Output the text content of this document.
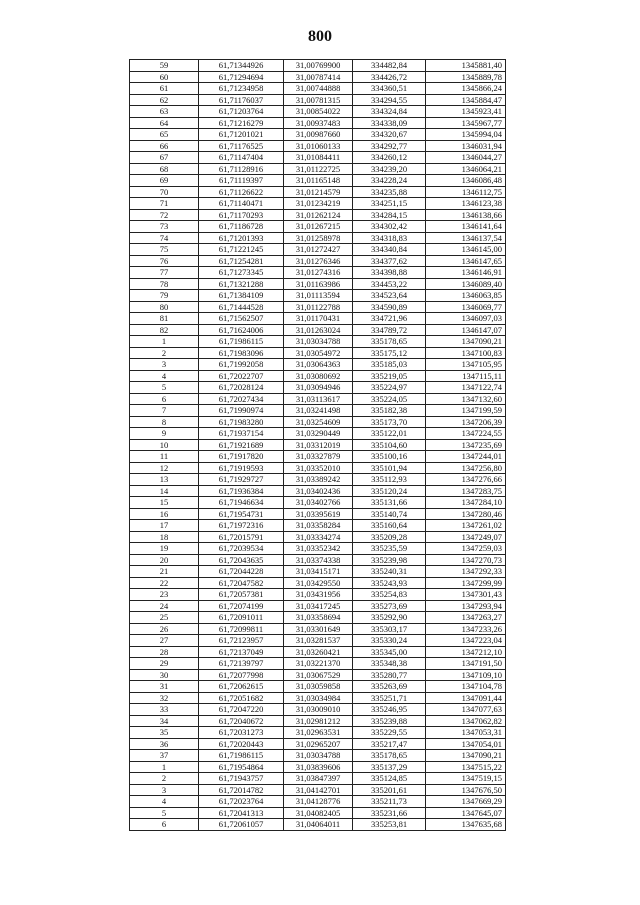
800
59	61,71344926	31,00769900	334482,84	1345881,40
60	61,71294694	31,00787414	334426,72	1345889,78
61	61,71234958	31,00744888	334360,51	1345866,24
62	61,71176037	31,00781315	334294,55	1345884,47
63	61,71203764	31,00854022	334324,84	1345923,41
64	61,71216279	31,00937483	334338,09	1345967,77
65	61,71201021	31,00987660	334320,67	1345994,04
66	61,71176525	31,01060133	334292,77	1346031,94
67	61,71147404	31,01084411	334260,12	1346044,27
68	61,71128916	31,01122725	334239,20	1346064,21
69	61,71119397	31,01165148	334228,24	1346086,48
70	61,71126622	31,01214579	334235,88	1346112,75
71	61,71140471	31,01234219	334251,15	1346123,38
72	61,71170293	31,01262124	334284,15	1346138,66
73	61,71186728	31,01267215	334302,42	1346141,64
74	61,71201393	31,01258978	334318,83	1346137,54
75	61,71221245	31,01272427	334340,84	1346145,00
76	61,71254281	31,01276346	334377,62	1346147,65
77	61,71273345	31,01274316	334398,88	1346146,91
78	61,71321288	31,01163986	334453,22	1346089,40
79	61,71384109	31,01113594	334523,64	1346063,85
80	61,71444528	31,01122788	334590,89	1346069,77
81	61,71562507	31,01170431	334721,96	1346097,03
82	61,71624006	31,01263024	334789,72	1346147,07
1	61,71986115	31,03034788	335178,65	1347090,21
2	61,71983096	31,03054972	335175,12	1347100,83
3	61,71992058	31,03064363	335185,03	1347105,95
4	61,72022707	31,03080692	335219,05	1347115,11
5	61,72028124	31,03094946	335224,97	1347122,74
6	61,72027434	31,03113617	335224,05	1347132,60
7	61,71990974	31,03241498	335182,38	1347199,59
8	61,71983280	31,03254609	335173,70	1347206,39
9	61,71937154	31,03290449	335122,01	1347224,55
10	61,71921689	31,03312019	335104,60	1347235,69
11	61,71917820	31,03327879	335100,16	1347244,01
12	61,71919593	31,03352010	335101,94	1347256,80
13	61,71929727	31,03389242	335112,93	1347276,66
14	61,71936384	31,03402436	335120,24	1347283,75
15	61,71946634	31,03402766	335131,66	1347284,10
16	61,71954731	31,03395619	335140,74	1347280,46
17	61,71972316	31,03358284	335160,64	1347261,02
18	61,72015791	31,03334274	335209,28	1347249,07
19	61,72039534	31,03352342	335235,59	1347259,03
20	61,72043635	31,03374338	335239,98	1347270,73
21	61,72044228	31,03415171	335240,31	1347292,33
22	61,72047582	31,03429550	335243,93	1347299,99
23	61,72057381	31,03431956	335254,83	1347301,43
24	61,72074199	31,03417245	335273,69	1347293,94
25	61,72091011	31,03358694	335292,90	1347263,27
26	61,72099811	31,03301649	335303,17	1347233,26
27	61,72123957	31,03281537	335330,24	1347223,04
28	61,72137049	31,03260421	335345,00	1347212,10
29	61,72139797	31,03221370	335348,38	1347191,50
30	61,72077998	31,03067529	335280,77	1347109,10
31	61,72062615	31,03059858	335263,69	1347104,78
32	61,72051682	31,03034984	335251,71	1347091,44
33	61,72047220	31,03009010	335246,95	1347077,63
34	61,72040672	31,02981212	335239,88	1347062,82
35	61,72031273	31,02963531	335229,55	1347053,31
36	61,72020443	31,02965207	335217,47	1347054,01
37	61,71986115	31,03034788	335178,65	1347090,21
1	61,71954864	31,03839606	335137,29	1347515,22
2	61,71943757	31,03847397	335124,85	1347519,15
3	61,72014782	31,04142701	335201,61	1347676,50
4	61,72023764	31,04128776	335211,73	1347669,29
5	61,72041313	31,04082405	335231,66	1347645,07
6	61,72061057	31,04064011	335253,81	1347635,68
